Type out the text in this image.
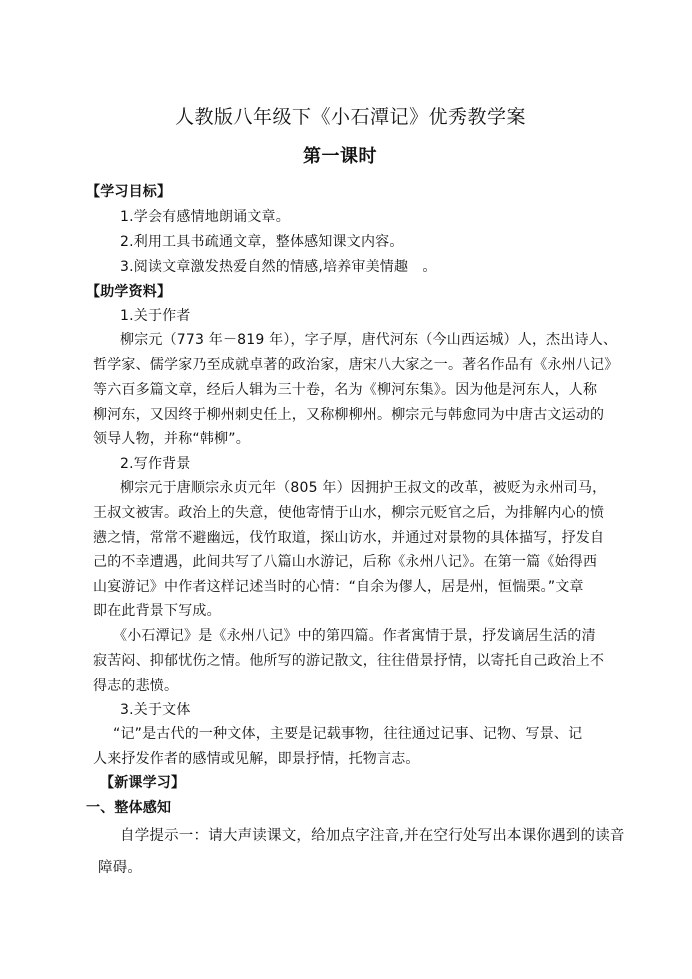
人教版八年级下《小石潭记》优秀教学案
第一课时
【学习目标】
1.学会有感情地朗诵文章。
2.利用工具书疏通文章，整体感知课文内容。
3.阅读文章激发热爱自然的情感,培养审美情趣　。
【助学资料】
1.关于作者
柳宗元（773 年－819 年），字子厚，唐代河东（今山西运城）人，杰出诗人、
哲学家、儒学家乃至成就卓著的政治家，唐宋八大家之一。著名作品有《永州八记》
等六百多篇文章，经后人辑为三十卷，名为《柳河东集》。因为他是河东人，人称
柳河东，又因终于柳州刺史任上，又称柳柳州。柳宗元与韩愈同为中唐古文运动的
领导人物，并称“韩柳”。
2.写作背景
柳宗元于唐顺宗永贞元年（805 年）因拥护王叔文的改革，被贬为永州司马，
王叔文被害。政治上的失意，使他寄情于山水，柳宗元贬官之后，为排解内心的愤
懑之情，常常不避幽远，伐竹取道，探山访水，并通过对景物的具体描写，抒发自
己的不幸遭遇，此间共写了八篇山水游记，后称《永州八记》。在第一篇《始得西
山宴游记》中作者这样记述当时的心情：“自余为僇人，居是州，恒惴栗。”文章
即在此背景下写成。
《小石潭记》是《永州八记》中的第四篇。作者寓情于景，抒发谪居生活的清
寂苦闷、抑郁忧伤之情。他所写的游记散文，往往借景抒情，以寄托自己政治上不
得志的悲愤。
3.关于文体
“记”是古代的一种文体，主要是记载事物，往往通过记事、记物、写景、记
人来抒发作者的感情或见解，即景抒情，托物言志。
【新课学习】
一、整体感知
自学提示一：请大声读课文，给加点字注音,并在空行处写出本课你遇到的读音
障碍。
